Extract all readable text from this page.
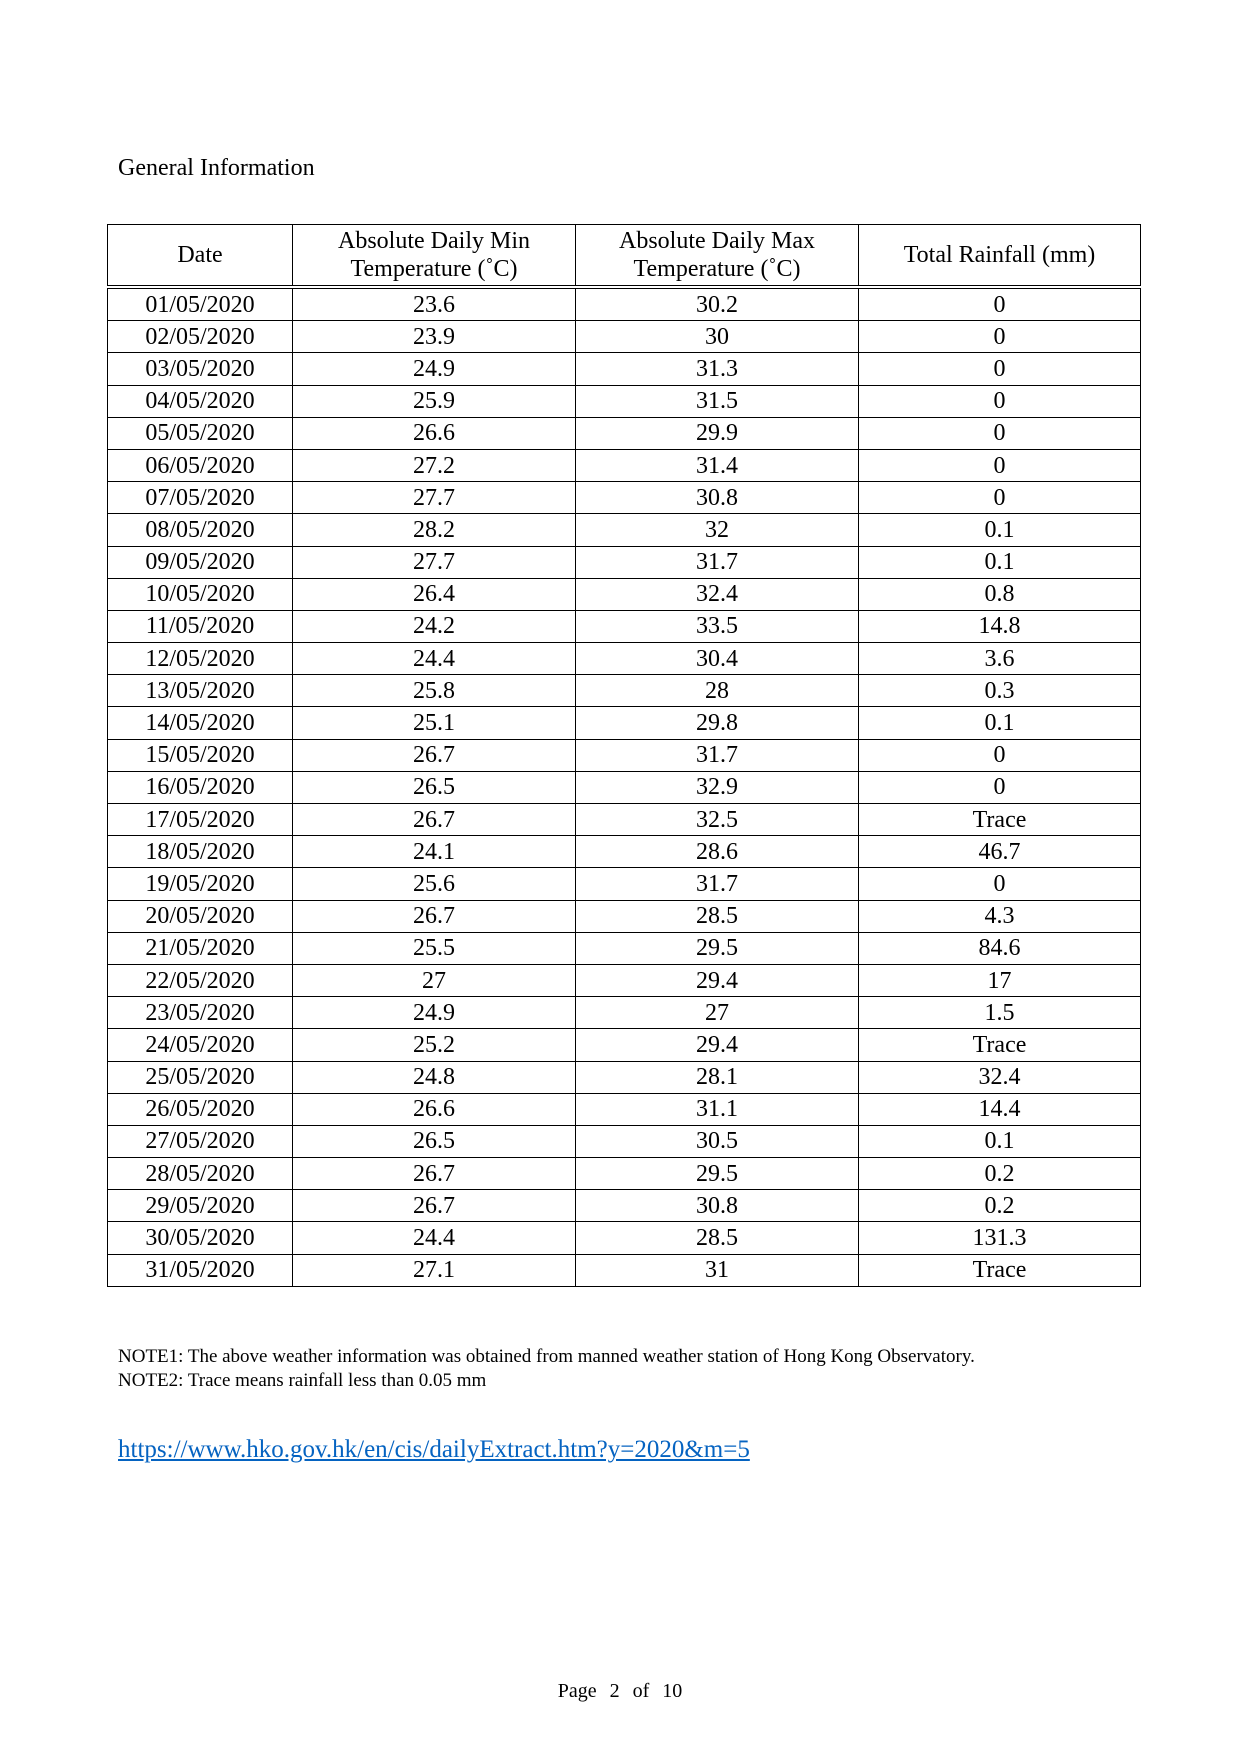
General Information
Date	Absolute Daily Min Temperature (˚C)	Absolute Daily Max Temperature (˚C)	Total Rainfall (mm)
01/05/2020	23.6	30.2	0
02/05/2020	23.9	30	0
03/05/2020	24.9	31.3	0
04/05/2020	25.9	31.5	0
05/05/2020	26.6	29.9	0
06/05/2020	27.2	31.4	0
07/05/2020	27.7	30.8	0
08/05/2020	28.2	32	0.1
09/05/2020	27.7	31.7	0.1
10/05/2020	26.4	32.4	0.8
11/05/2020	24.2	33.5	14.8
12/05/2020	24.4	30.4	3.6
13/05/2020	25.8	28	0.3
14/05/2020	25.1	29.8	0.1
15/05/2020	26.7	31.7	0
16/05/2020	26.5	32.9	0
17/05/2020	26.7	32.5	Trace
18/05/2020	24.1	28.6	46.7
19/05/2020	25.6	31.7	0
20/05/2020	26.7	28.5	4.3
21/05/2020	25.5	29.5	84.6
22/05/2020	27	29.4	17
23/05/2020	24.9	27	1.5
24/05/2020	25.2	29.4	Trace
25/05/2020	24.8	28.1	32.4
26/05/2020	26.6	31.1	14.4
27/05/2020	26.5	30.5	0.1
28/05/2020	26.7	29.5	0.2
29/05/2020	26.7	30.8	0.2
30/05/2020	24.4	28.5	131.3
31/05/2020	27.1	31	Trace
NOTE1: The above weather information was obtained from manned weather station of Hong Kong Observatory.
NOTE2: Trace means rainfall less than 0.05 mm
https://www.hko.gov.hk/en/cis/dailyExtract.htm?y=2020&m=5
Page 2 of 10
